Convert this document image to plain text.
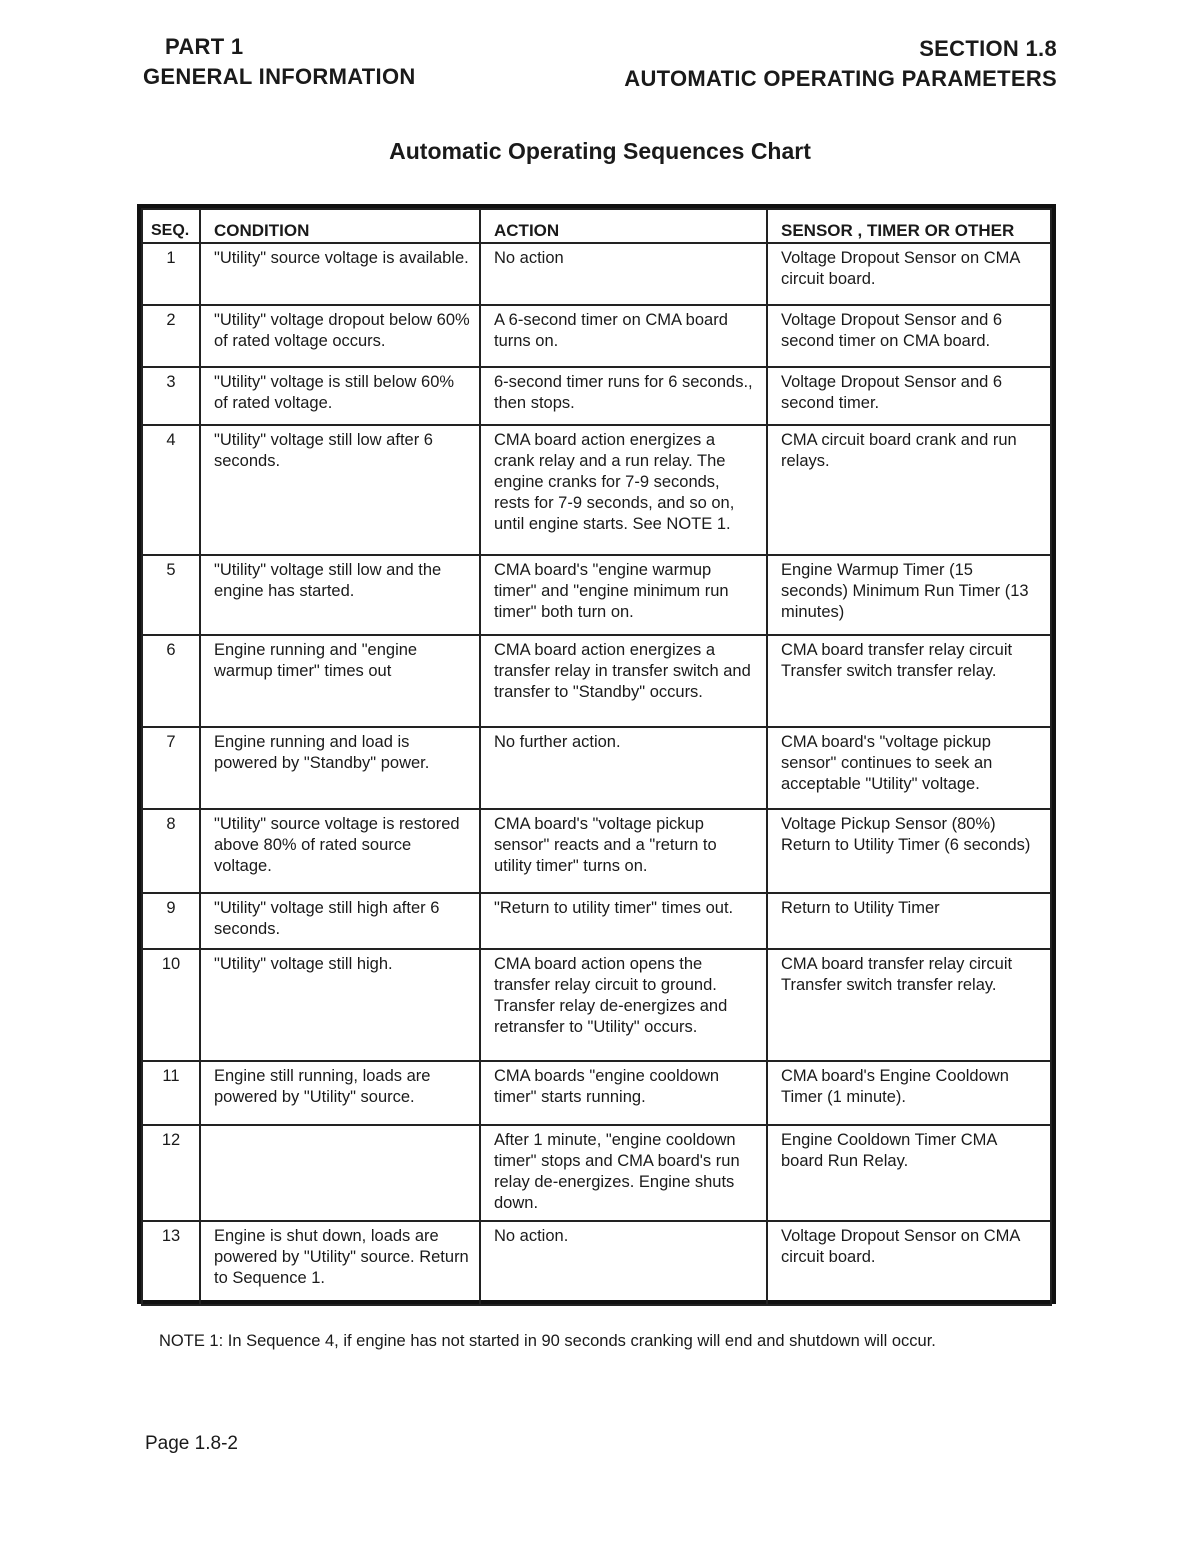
PART 1
GENERAL INFORMATION
SECTION 1.8
AUTOMATIC OPERATING PARAMETERS
Automatic Operating Sequences Chart
SEQ.	CONDITION	ACTION	SENSOR , TIMER OR OTHER
1	"Utility" source voltage is available.	No action	Voltage Dropout Sensor on CMA circuit board.
2	"Utility" voltage dropout below 60% of rated voltage occurs.	A 6-second timer on CMA board turns on.	Voltage Dropout Sensor and 6 second timer on CMA board.
3	"Utility" voltage is still below 60% of rated voltage.	6-second timer runs for 6 seconds., then stops.	Voltage Dropout Sensor and 6 second timer.
4	"Utility" voltage still low after 6 seconds.	CMA board action energizes a crank relay and a run relay. The engine cranks for 7-9 seconds, rests for 7-9 seconds, and so on, until engine starts. See NOTE 1.	CMA circuit board crank and run relays.
5	"Utility" voltage still low and the engine has started.	CMA board's "engine warmup timer" and "engine minimum run timer" both turn on.	Engine Warmup Timer (15 seconds) Minimum Run Timer (13 minutes)
6	Engine running and "engine warmup timer" times out	CMA board action energizes a transfer relay in transfer switch and transfer to "Standby" occurs.	CMA board transfer relay circuit Transfer switch transfer relay.
7	Engine running and load is powered by "Standby" power.	No further action.	CMA board's "voltage pickup sensor" continues to seek an acceptable "Utility" voltage.
8	"Utility" source voltage is restored above 80% of rated source voltage.	CMA board's "voltage pickup sensor" reacts and a "return to utility timer" turns on.	Voltage Pickup Sensor (80%) Return to Utility Timer (6 seconds)
9	"Utility" voltage still high after 6 seconds.	"Return to utility timer" times out.	Return to Utility Timer
10	"Utility" voltage still high.	CMA board action opens the transfer relay circuit to ground. Transfer relay de-energizes and retransfer to "Utility" occurs.	CMA board transfer relay circuit Transfer switch transfer relay.
11	Engine still running, loads are powered by "Utility" source.	CMA boards "engine cooldown timer" starts running.	CMA board's Engine Cooldown Timer (1 minute).
12		After 1 minute, "engine cooldown timer" stops and CMA board's run relay de-energizes. Engine shuts down.	Engine Cooldown Timer CMA board Run Relay.
13	Engine is shut down, loads are powered by "Utility" source. Return to Sequence 1.	No action.	Voltage Dropout Sensor on CMA circuit board.
NOTE 1: In Sequence 4, if engine has not started in 90 seconds cranking will end and shutdown will occur.
Page 1.8-2
